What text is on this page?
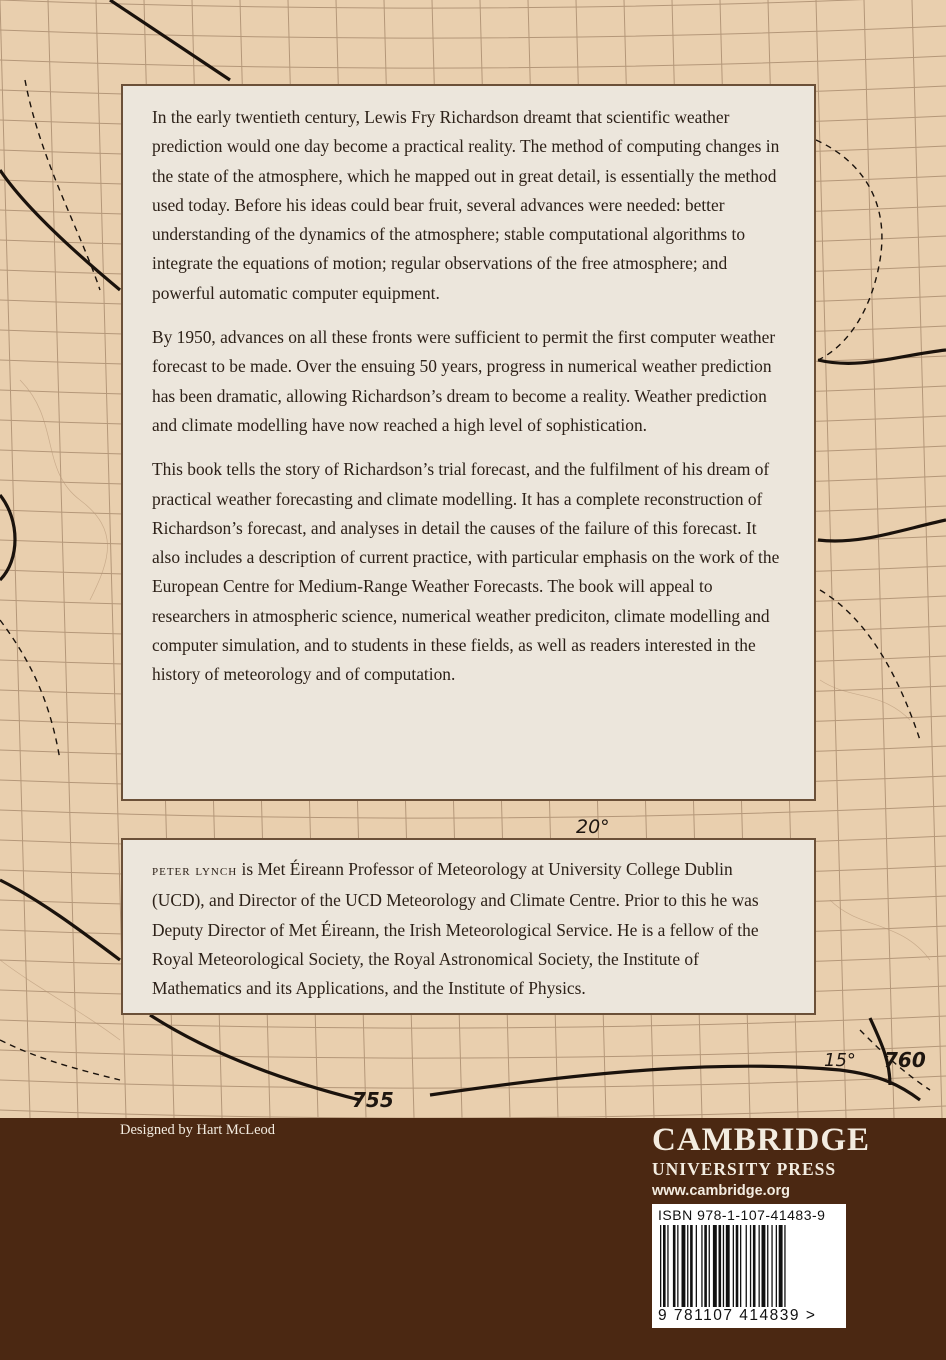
20°
15° 760
755

In the early twentieth century, Lewis Fry Richardson dreamt that scientific weather prediction would one day become a practical reality. The method of computing changes in the state of the atmosphere, which he mapped out in great detail, is essentially the method used today. Before his ideas could bear fruit, several advances were needed: better understanding of the dynamics of the atmosphere; stable computational algorithms to integrate the equations of motion; regular observations of the free atmosphere; and powerful automatic computer equipment.

By 1950, advances on all these fronts were sufficient to permit the first computer weather forecast to be made. Over the ensuing 50 years, progress in numerical weather prediction has been dramatic, allowing Richardson’s dream to become a reality. Weather prediction and climate modelling have now reached a high level of sophistication.

This book tells the story of Richardson’s trial forecast, and the fulfilment of his dream of practical weather forecasting and climate modelling. It has a complete reconstruction of Richardson’s forecast, and analyses in detail the causes of the failure of this forecast. It also includes a description of current practice, with particular emphasis on the work of the European Centre for Medium-Range Weather Forecasts. The book will appeal to researchers in atmospheric science, numerical weather prediciton, climate modelling and computer simulation, and to students in these fields, as well as readers interested in the history of meteorology and of computation.

peter lynch is Met Éireann Professor of Meteorology at University College Dublin (UCD), and Director of the UCD Meteorology and Climate Centre. Prior to this he was Deputy Director of Met Éireann, the Irish Meteorological Service. He is a fellow of the Royal Meteorological Society, the Royal Astronomical Society, the Institute of Mathematics and its Applications, and the Institute of Physics.

Designed by Hart McLeod	CAMBRIDGE
UNIVERSITY PRESS
www.cambridge.org
ISBN 978-1-107-41483-9
9 781107 414839 >
